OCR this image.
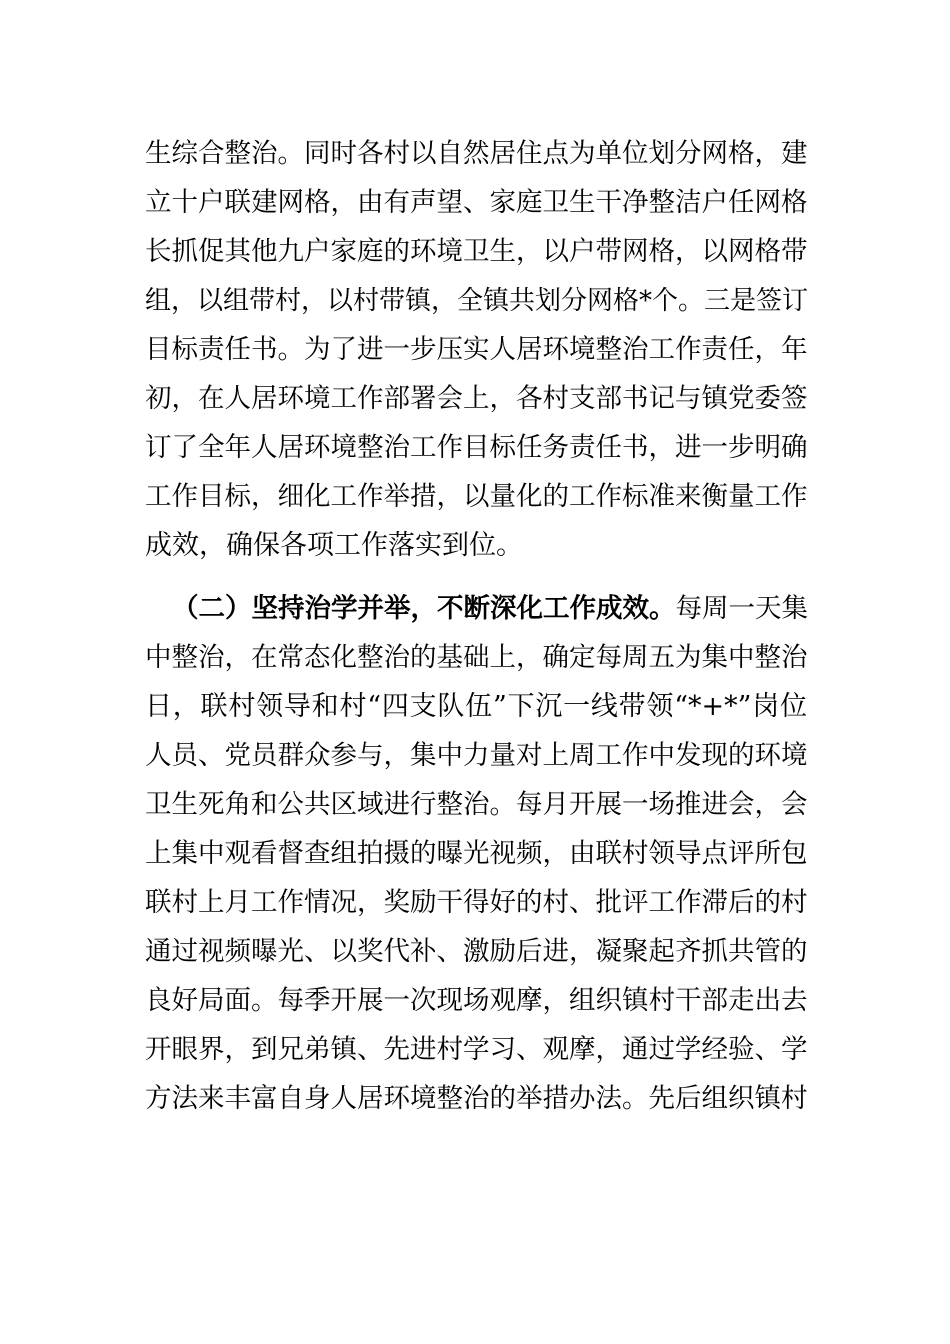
生综合整治。同时各村以自然居住点为单位划分网格，建
立十户联建网格，由有声望、家庭卫生干净整洁户任网格
长抓促其他九户家庭的环境卫生，以户带网格，以网格带
组，以组带村，以村带镇，全镇共划分网格*个。三是签订
目标责任书。为了进一步压实人居环境整治工作责任，年
初，在人居环境工作部署会上，各村支部书记与镇党委签
订了全年人居环境整治工作目标任务责任书，进一步明确
工作目标，细化工作举措，以量化的工作标准来衡量工作
成效，确保各项工作落实到位。
（二）坚持治学并举，不断深化工作成效。每周一天集
中整治，在常态化整治的基础上，确定每周五为集中整治
日，联村领导和村“四支队伍”下沉一线带领“*+*”岗位
人员、党员群众参与，集中力量对上周工作中发现的环境
卫生死角和公共区域进行整治。每月开展一场推进会，会
上集中观看督查组拍摄的曝光视频，由联村领导点评所包
联村上月工作情况，奖励干得好的村、批评工作滞后的村
通过视频曝光、以奖代补、激励后进，凝聚起齐抓共管的
良好局面。每季开展一次现场观摩，组织镇村干部走出去
开眼界，到兄弟镇、先进村学习、观摩，通过学经验、学
方法来丰富自身人居环境整治的举措办法。先后组织镇村
